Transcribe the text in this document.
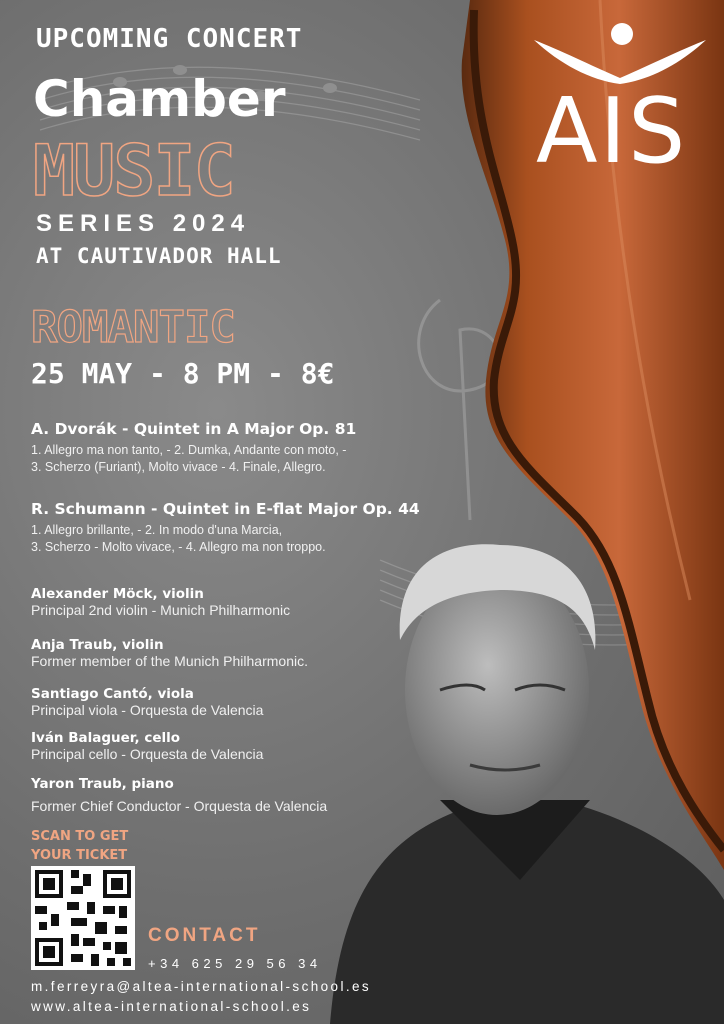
UPCOMING CONCERT
Chamber
MUSIC
SERIES 2024
AT CAUTIVADOR HALL
AIS
ROMANTIC
25 MAY - 8 PM - 8€
A. Dvorák - Quintet in A Major Op. 81
1. Allegro ma non tanto, - 2. Dumka, Andante con moto, -
3. Scherzo (Furiant), Molto vivace - 4. Finale, Allegro.
R. Schumann - Quintet in E-flat Major Op. 44
1. Allegro brillante, - 2. In modo d'una Marcia,
3. Scherzo - Molto vivace, - 4. Allegro ma non troppo.
Alexander Möck, violin
Principal 2nd violin - Munich Philharmonic
Anja Traub, violin
Former member of the Munich Philharmonic.
Santiago Cantó, viola
Principal viola - Orquesta de Valencia
Iván Balaguer, cello
Principal cello - Orquesta de Valencia
Yaron Traub, piano
Former Chief Conductor - Orquesta de Valencia
SCAN TO GET
YOUR TICKET
CONTACT
+34 625 29 56 34
m.ferreyra@altea-international-school.es
www.altea-international-school.es
